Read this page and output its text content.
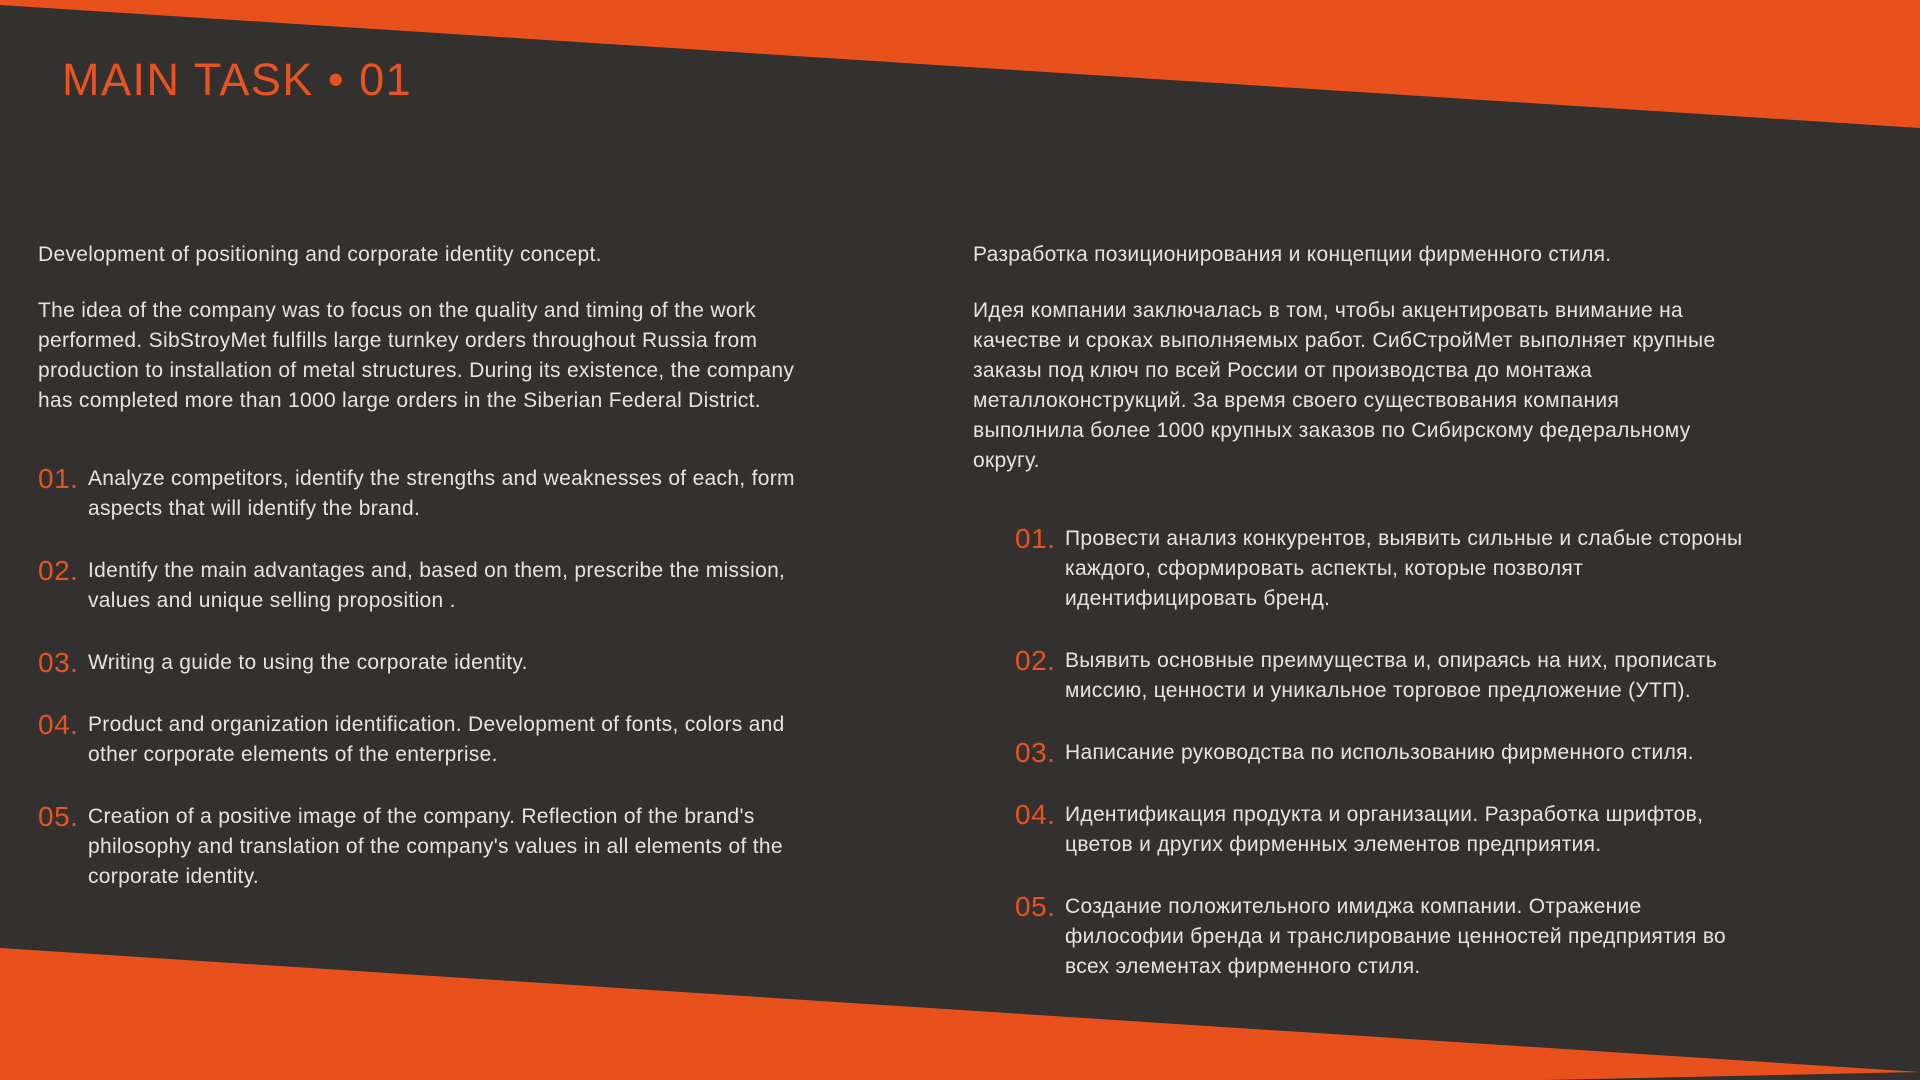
MAIN TASK • 01
Development of positioning and corporate identity concept.
The idea of the company was to focus on the quality and timing of the work performed. SibStroyMet fulfills large turnkey orders throughout Russia from production to installation of metal structures. During its existence, the company has completed more than 1000 large orders in the Siberian Federal District.
01. Analyze competitors, identify the strengths and weaknesses of each, form aspects that will identify the brand.
02. Identify the main advantages and, based on them, prescribe the mission, values and unique selling proposition .
03. Writing a guide to using the corporate identity.
04. Product and organization identification. Development of fonts, colors and other corporate elements of the enterprise.
05. Creation of a positive image of the company. Reflection of the brand's philosophy and translation of the company's values in all elements of the corporate identity.
Разработка позиционирования и концепции фирменного стиля.
Идея компании заключалась в том, чтобы акцентировать внимание на качестве и сроках выполняемых работ. СибСтройМет выполняет крупные заказы под ключ по всей России от производства до монтажа металлоконструкций. За время своего существования компания выполнила более 1000 крупных заказов по Сибирскому федеральному округу.
01. Провести анализ конкурентов, выявить сильные и слабые стороны каждого, сформировать аспекты, которые позволят идентифицировать бренд.
02. Выявить основные преимущества и, опираясь на них, прописать миссию, ценности и уникальное торговое предложение (УТП).
03. Написание руководства по использованию фирменного стиля.
04. Идентификация продукта и организации. Разработка шрифтов, цветов и других фирменных элементов предприятия.
05. Создание положительного имиджа компании. Отражение философии бренда и транслирование ценностей предприятия во всех элементах фирменного стиля.
